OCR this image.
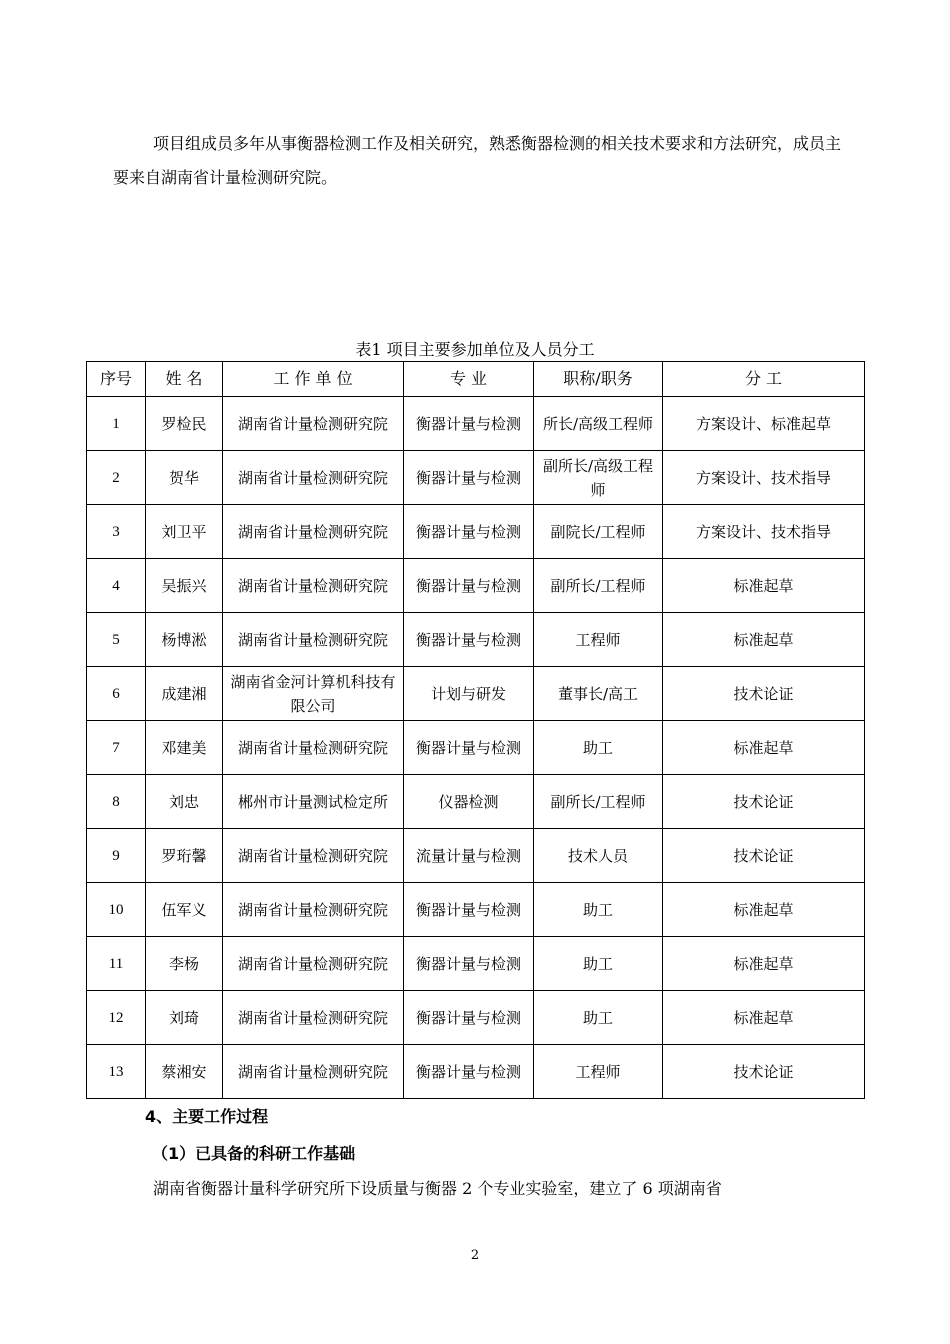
项目组成员多年从事衡器检测工作及相关研究，熟悉衡器检测的相关技术要求和方法研究，成员主要来自湖南省计量检测研究院。

表1 项目主要参加单位及人员分工
序号	姓 名	工 作 单 位	专 业	职称/职务	分 工
1	罗检民	湖南省计量检测研究院	衡器计量与检测	所长/高级工程师	方案设计、标准起草
2	贺华	湖南省计量检测研究院	衡器计量与检测	副所长/高级工程师	方案设计、技术指导
3	刘卫平	湖南省计量检测研究院	衡器计量与检测	副院长/工程师	方案设计、技术指导
4	吴振兴	湖南省计量检测研究院	衡器计量与检测	副所长/工程师	标准起草
5	杨博淞	湖南省计量检测研究院	衡器计量与检测	工程师	标准起草
6	成建湘	湖南省金河计算机科技有限公司	计划与研发	董事长/高工	技术论证
7	邓建美	湖南省计量检测研究院	衡器计量与检测	助工	标准起草
8	刘忠	郴州市计量测试检定所	仪器检测	副所长/工程师	技术论证
9	罗珩馨	湖南省计量检测研究院	流量计量与检测	技术人员	技术论证
10	伍军义	湖南省计量检测研究院	衡器计量与检测	助工	标准起草
11	李杨	湖南省计量检测研究院	衡器计量与检测	助工	标准起草
12	刘琦	湖南省计量检测研究院	衡器计量与检测	助工	标准起草
13	蔡湘安	湖南省计量检测研究院	衡器计量与检测	工程师	技术论证
4、主要工作过程
（1）已具备的科研工作基础
湖南省衡器计量科学研究所下设质量与衡器 2 个专业实验室，建立了 6 项湖南省
2
